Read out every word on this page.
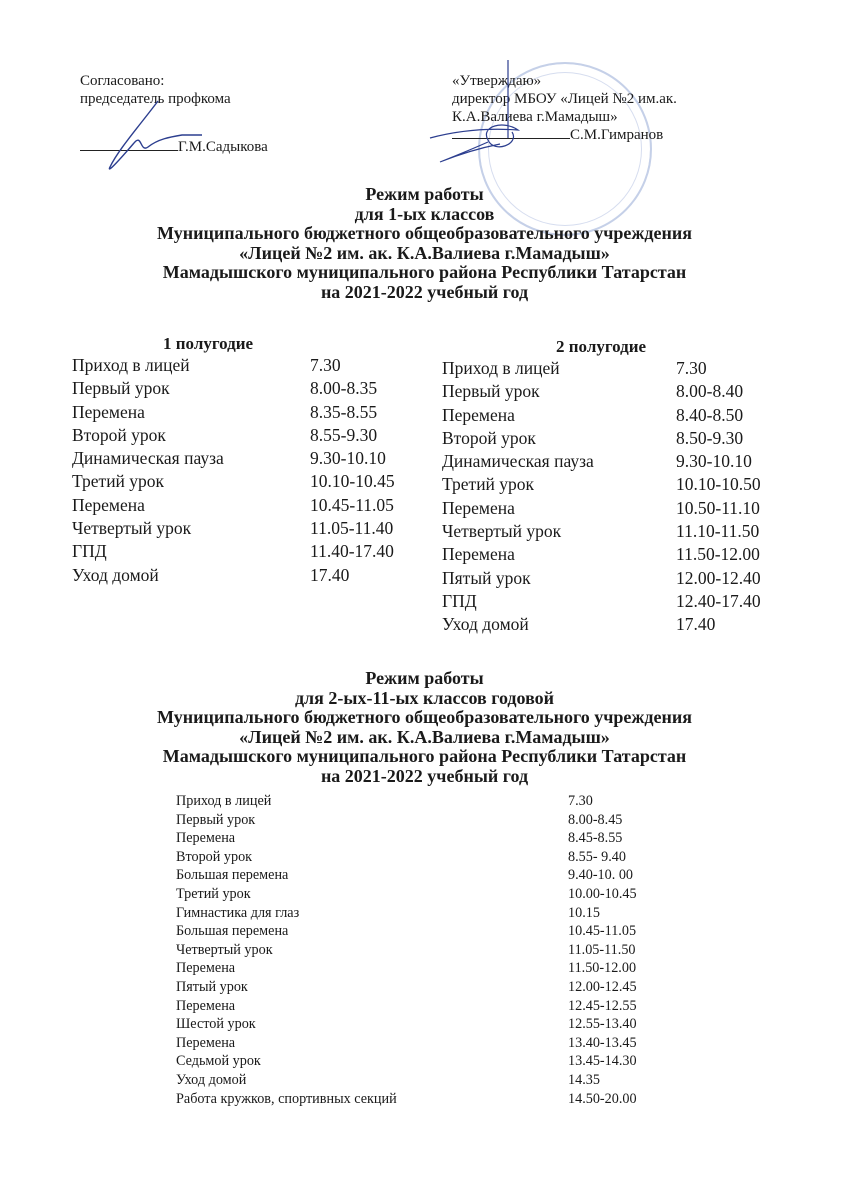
Согласовано:
председатель профкома
Г.М.Садыкова
«Утверждаю»
директор МБОУ «Лицей №2 им.ак.
К.А.Валиева г.Мамадыш»
С.М.Гимранов
Режим работы
для 1-ых классов
Муниципального бюджетного общеобразовательного учреждения
«Лицей №2 им. ак. К.А.Валиева г.Мамадыш»
Мамадышского муниципального района Республики Татарстан
на 2021-2022 учебный год
1 полугодие
Приход в лицей	7.30
Первый урок	8.00-8.35
Перемена	8.35-8.55
Второй урок	8.55-9.30
Динамическая пауза	9.30-10.10
Третий урок	10.10-10.45
Перемена	10.45-11.05
Четвертый урок	11.05-11.40
ГПД	11.40-17.40
Уход домой	17.40
2 полугодие
Приход в лицей	7.30
Первый урок	8.00-8.40
Перемена	8.40-8.50
Второй урок	8.50-9.30
Динамическая пауза	9.30-10.10
Третий урок	10.10-10.50
Перемена	10.50-11.10
Четвертый урок	11.10-11.50
Перемена	11.50-12.00
Пятый урок	12.00-12.40
ГПД	12.40-17.40
Уход домой	17.40
Режим работы
для 2-ых-11-ых классов годовой
Муниципального бюджетного общеобразовательного учреждения
«Лицей №2 им. ак. К.А.Валиева г.Мамадыш»
Мамадышского муниципального района Республики Татарстан
на 2021-2022 учебный год
Приход в лицей	7.30
Первый урок	8.00-8.45
Перемена	8.45-8.55
Второй урок	8.55- 9.40
Большая перемена	9.40-10. 00
Третий урок	10.00-10.45
Гимнастика для глаз	10.15
Большая перемена	10.45-11.05
Четвертый урок	11.05-11.50
Перемена	11.50-12.00
Пятый урок	12.00-12.45
Перемена	12.45-12.55
Шестой урок	12.55-13.40
Перемена	13.40-13.45
Седьмой урок	13.45-14.30
Уход домой	14.35
Работа кружков, спортивных секций	14.50-20.00
